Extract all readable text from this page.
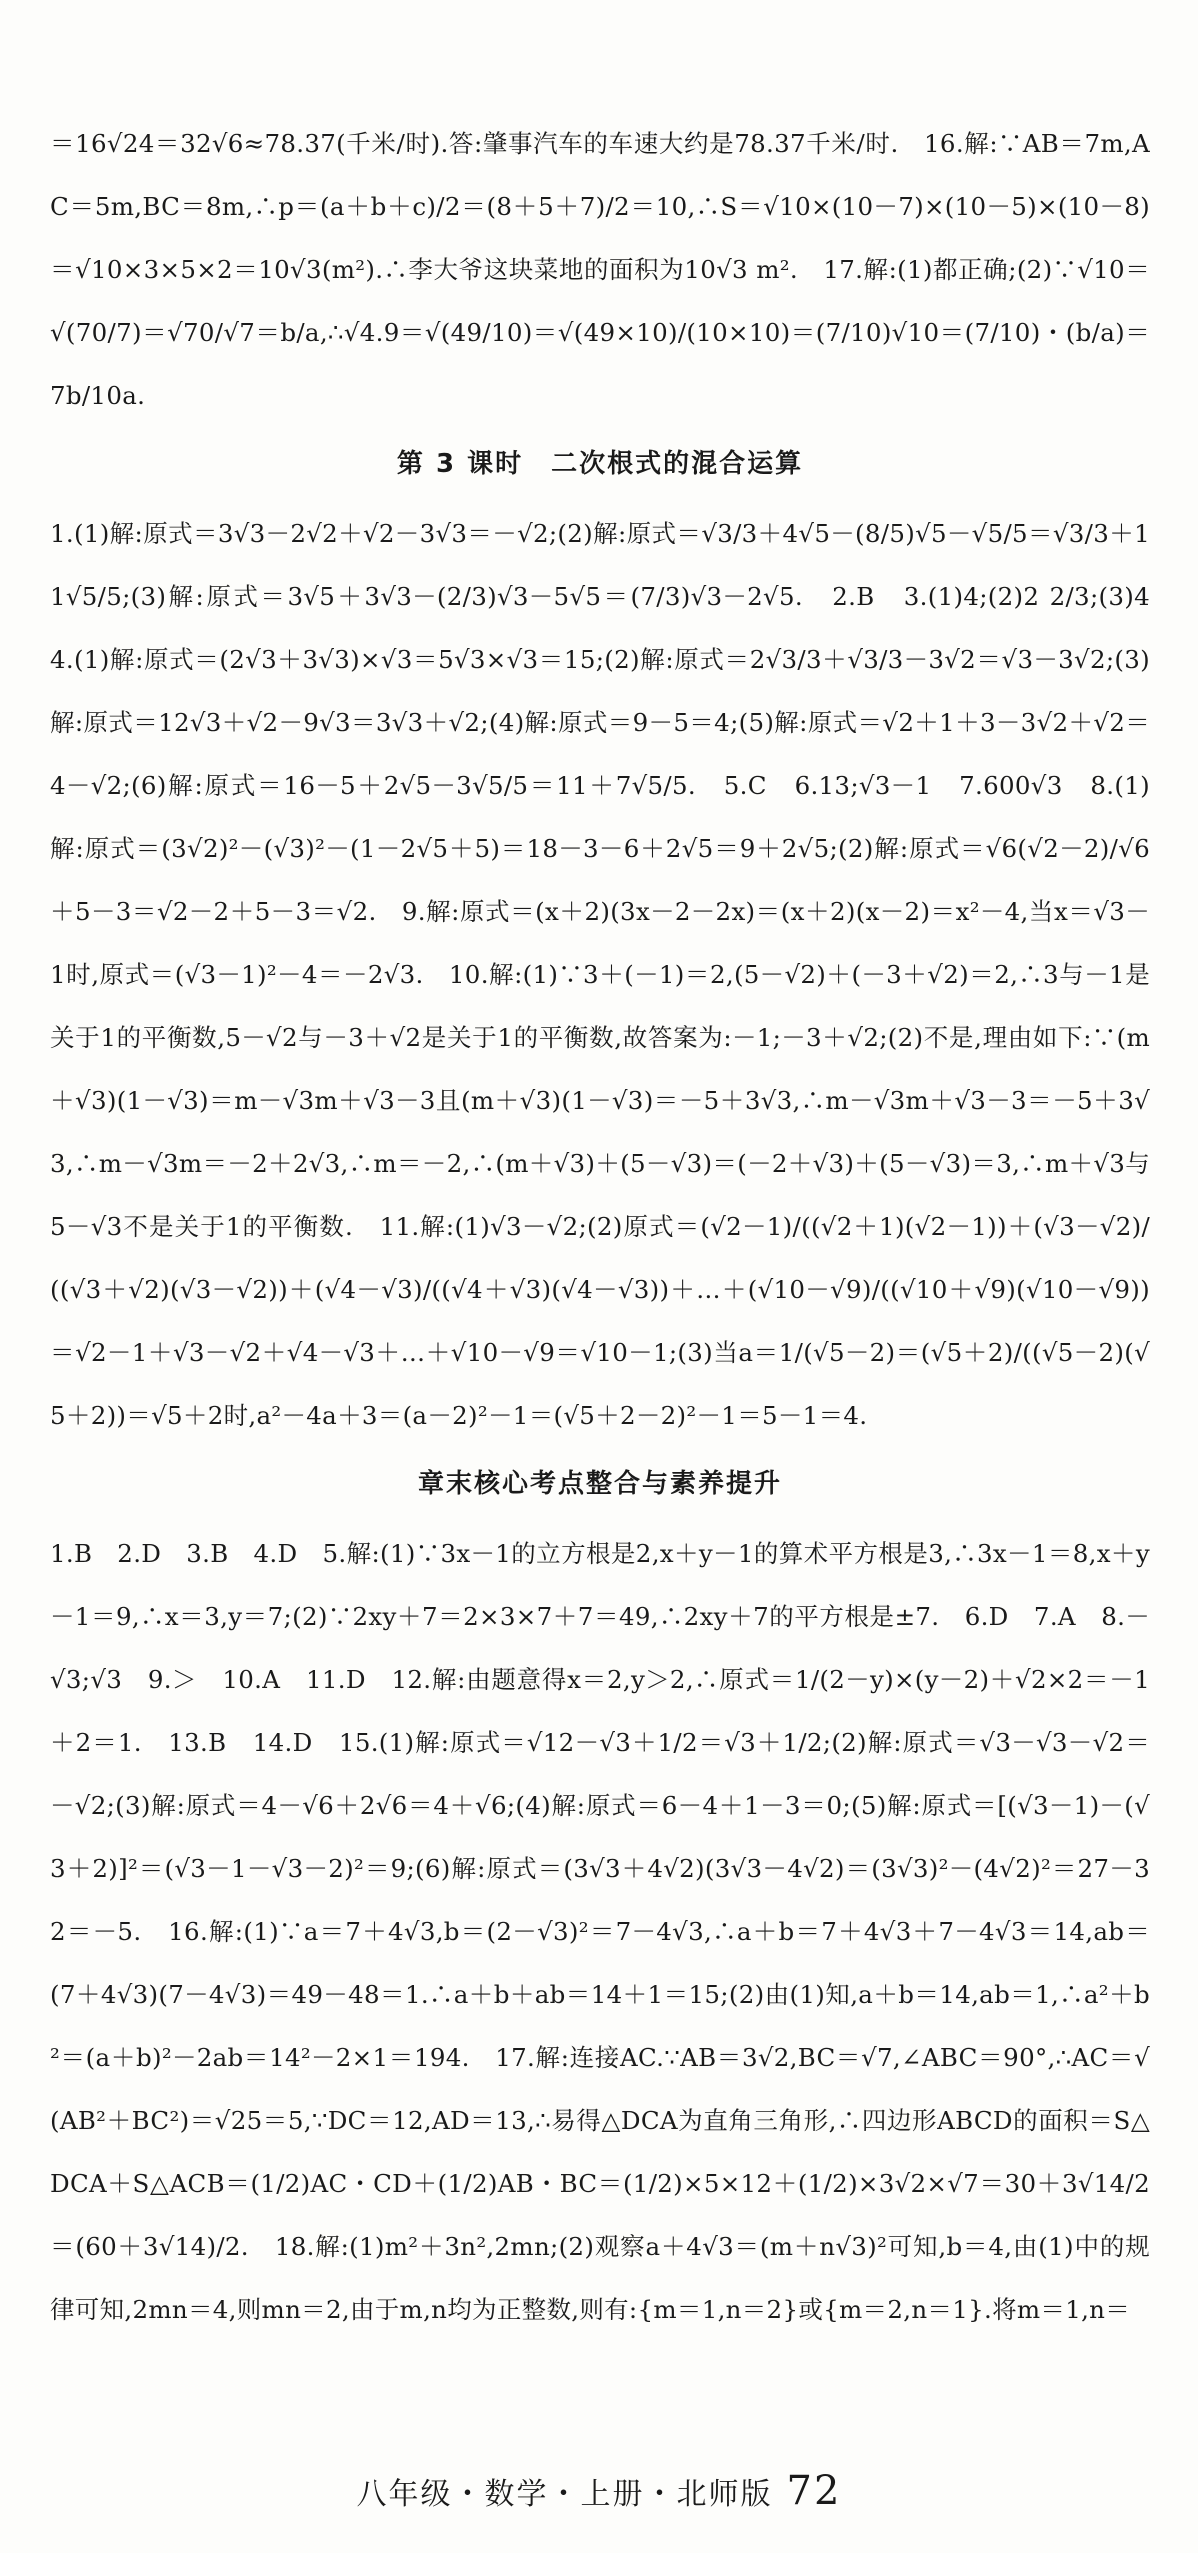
＝16√24＝32√6≈78.37(千米/时).答:肇事汽车的车速大约是78.37千米/时.　16.解:∵AB＝7m,AC＝5m,BC＝8m,∴p＝(a＋b＋c)/2＝(8＋5＋7)/2＝10,∴S＝√10×(10－7)×(10－5)×(10－8)＝√10×3×5×2＝10√3(m²).∴李大爷这块菜地的面积为10√3 m².　17.解:(1)都正确;(2)∵√10＝√(70/7)＝√70/√7＝b/a,∴√4.9＝√(49/10)＝√(49×10)/(10×10)＝(7/10)√10＝(7/10)・(b/a)＝7b/10a.

第 3 课时　二次根式的混合运算

1.(1)解:原式＝3√3－2√2＋√2－3√3＝－√2;(2)解:原式＝√3/3＋4√5－(8/5)√5－√5/5＝√3/3＋11√5/5;(3)解:原式＝3√5＋3√3－(2/3)√3－5√5＝(7/3)√3－2√5.　2.B　3.(1)4;(2)2 2/3;(3)4　4.(1)解:原式＝(2√3＋3√3)×√3＝5√3×√3＝15;(2)解:原式＝2√3/3＋√3/3－3√2＝√3－3√2;(3)解:原式＝12√3＋√2－9√3＝3√3＋√2;(4)解:原式＝9－5＝4;(5)解:原式＝√2＋1＋3－3√2＋√2＝4－√2;(6)解:原式＝16－5＋2√5－3√5/5＝11＋7√5/5.　5.C　6.13;√3－1　7.600√3　8.(1)解:原式＝(3√2)²－(√3)²－(1－2√5＋5)＝18－3－6＋2√5＝9＋2√5;(2)解:原式＝√6(√2－2)/√6＋5－3＝√2－2＋5－3＝√2.　9.解:原式＝(x＋2)(3x－2－2x)＝(x＋2)(x－2)＝x²－4,当x＝√3－1时,原式＝(√3－1)²－4＝－2√3.　10.解:(1)∵3＋(－1)＝2,(5－√2)＋(－3＋√2)＝2,∴3与－1是关于1的平衡数,5－√2与－3＋√2是关于1的平衡数,故答案为:－1;－3＋√2;(2)不是,理由如下:∵(m＋√3)(1－√3)＝m－√3m＋√3－3且(m＋√3)(1－√3)＝－5＋3√3,∴m－√3m＋√3－3＝－5＋3√3,∴m－√3m＝－2＋2√3,∴m＝－2,∴(m＋√3)＋(5－√3)＝(－2＋√3)＋(5－√3)＝3,∴m＋√3与5－√3不是关于1的平衡数.　11.解:(1)√3－√2;(2)原式＝(√2－1)/((√2＋1)(√2－1))＋(√3－√2)/((√3＋√2)(√3－√2))＋(√4－√3)/((√4＋√3)(√4－√3))＋…＋(√10－√9)/((√10＋√9)(√10－√9))＝√2－1＋√3－√2＋√4－√3＋…＋√10－√9＝√10－1;(3)当a＝1/(√5－2)＝(√5＋2)/((√5－2)(√5＋2))＝√5＋2时,a²－4a＋3＝(a－2)²－1＝(√5＋2－2)²－1＝5－1＝4.

章末核心考点整合与素养提升

1.B　2.D　3.B　4.D　5.解:(1)∵3x－1的立方根是2,x＋y－1的算术平方根是3,∴3x－1＝8,x＋y－1＝9,∴x＝3,y＝7;(2)∵2xy＋7＝2×3×7＋7＝49,∴2xy＋7的平方根是±7.　6.D　7.A　8.－√3;√3　9.＞　10.A　11.D　12.解:由题意得x＝2,y＞2,∴原式＝1/(2－y)×(y－2)＋√2×2＝－1＋2＝1.　13.B　14.D　15.(1)解:原式＝√12－√3＋1/2＝√3＋1/2;(2)解:原式＝√3－√3－√2＝－√2;(3)解:原式＝4－√6＋2√6＝4＋√6;(4)解:原式＝6－4＋1－3＝0;(5)解:原式＝[(√3－1)－(√3＋2)]²＝(√3－1－√3－2)²＝9;(6)解:原式＝(3√3＋4√2)(3√3－4√2)＝(3√3)²－(4√2)²＝27－32＝－5.　16.解:(1)∵a＝7＋4√3,b＝(2－√3)²＝7－4√3,∴a＋b＝7＋4√3＋7－4√3＝14,ab＝(7＋4√3)(7－4√3)＝49－48＝1.∴a＋b＋ab＝14＋1＝15;(2)由(1)知,a＋b＝14,ab＝1,∴a²＋b²＝(a＋b)²－2ab＝14²－2×1＝194.　17.解:连接AC.∵AB＝3√2,BC＝√7,∠ABC＝90°,∴AC＝√(AB²＋BC²)＝√25＝5,∵DC＝12,AD＝13,∴易得△DCA为直角三角形,∴四边形ABCD的面积＝S△DCA＋S△ACB＝(1/2)AC・CD＋(1/2)AB・BC＝(1/2)×5×12＋(1/2)×3√2×√7＝30＋3√14/2＝(60＋3√14)/2.　18.解:(1)m²＋3n²,2mn;(2)观察a＋4√3＝(m＋n√3)²可知,b＝4,由(1)中的规律可知,2mn＝4,则mn＝2,由于m,n均为正整数,则有:{m＝1,n＝2}或{m＝2,n＝1}.将m＝1,n＝

八年级・数学・上册・北师版 72
